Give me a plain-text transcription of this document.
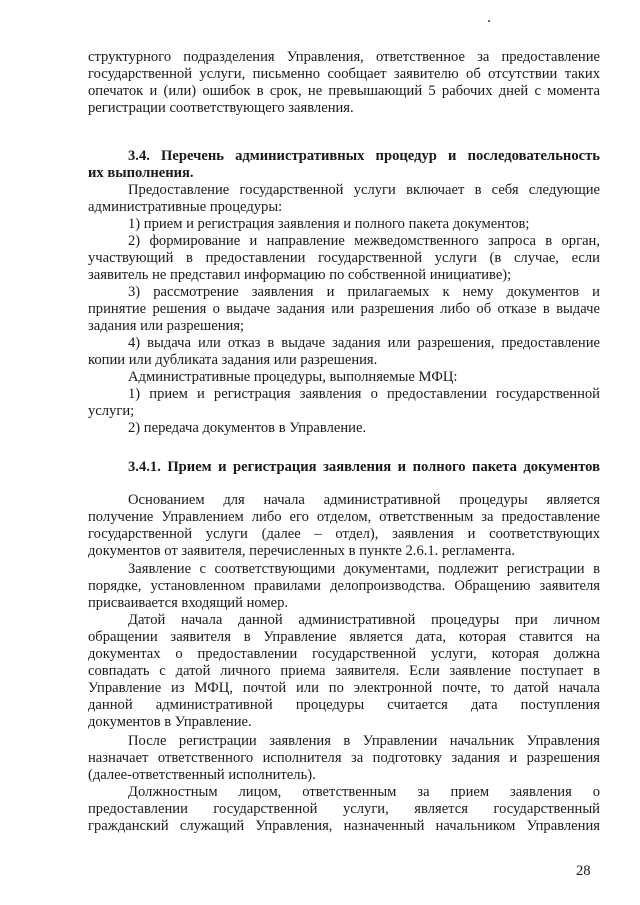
структурного подразделения Управления, ответственное за предоставление
государственной услуги, письменно сообщает заявителю об отсутствии таких
опечаток и (или) ошибок в срок, не превышающий 5 рабочих дней с момента
регистрации соответствующего заявления.
3.4. Перечень административных процедур и последовательность
их выполнения.
Предоставление государственной услуги включает в себя следующие
административные процедуры:
1) прием и регистрация заявления и полного пакета документов;
2) формирование и направление межведомственного запроса в орган,
участвующий в предоставлении государственной услуги (в случае, если
заявитель не представил информацию по собственной инициативе);
3) рассмотрение заявления и прилагаемых к нему документов и
принятие решения о выдаче задания или разрешения либо об отказе в выдаче
задания или разрешения;
4) выдача или отказ в выдаче задания или разрешения, предоставление
копии или дубликата задания или разрешения.
Административные процедуры, выполняемые МФЦ:
1) прием и регистрация заявления о предоставлении государственной
услуги;
2) передача документов в Управление.
3.4.1. Прием и регистрация заявления и полного пакета документов
Основанием для начала административной процедуры является
получение Управлением либо его отделом, ответственным за предоставление
государственной услуги (далее – отдел), заявления и соответствующих
документов от заявителя, перечисленных в пункте 2.6.1. регламента.
Заявление с соответствующими документами, подлежит регистрации в
порядке, установленном правилами делопроизводства. Обращению заявителя
присваивается входящий номер.
Датой начала данной административной процедуры при личном
обращении заявителя в Управление является дата, которая ставится на
документах о предоставлении государственной услуги, которая должна
совпадать с датой личного приема заявителя. Если заявление поступает в
Управление из МФЦ, почтой или по электронной почте, то датой начала
данной административной процедуры считается дата поступления
документов в Управление.
После регистрации заявления в Управлении начальник Управления
назначает ответственного исполнителя за подготовку задания и разрешения
(далее-ответственный исполнитель).
Должностным лицом, ответственным за прием заявления о
предоставлении государственной услуги, является государственный
гражданский служащий Управления, назначенный начальником Управления
28
